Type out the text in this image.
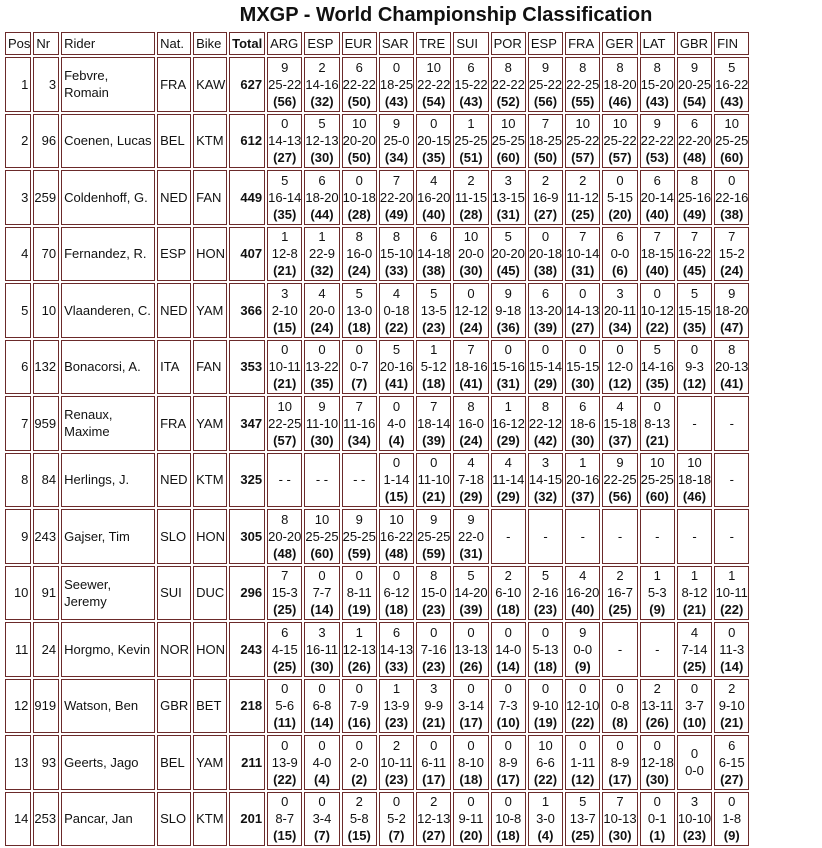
MXGP - World Championship Classification
Pos	Nr	Rider	Nat.	Bike	Total	ARG	ESP	EUR	SAR	TRE	SUI	POR	ESP	FRA	GER	LAT	GBR	FIN
1	3	Febvre, Romain	FRA	KAW	627	9
25-22
(56)	2
14-16
(32)	6
22-22
(50)	0
18-25
(43)	10
22-22
(54)	6
15-22
(43)	8
22-22
(52)	9
25-22
(56)	8
22-25
(55)	8
18-20
(46)	8
15-20
(43)	9
20-25
(54)	5
16-22
(43)

2	96	Coenen, Lucas	BEL	KTM	612	0
14-13
(27)	5
12-13
(30)	10
20-20
(50)	9
25-0
(34)	0
20-15
(35)	1
25-25
(51)	10
25-25
(60)	7
18-25
(50)	10
25-22
(57)	10
25-22
(57)	9
22-22
(53)	6
22-20
(48)	10
25-25
(60)

3	259	Coldenhoff, G.	NED	FAN	449	5
16-14
(35)	6
18-20
(44)	0
10-18
(28)	7
22-20
(49)	4
16-20
(40)	2
11-15
(28)	3
13-15
(31)	2
16-9
(27)	2
11-12
(25)	0
5-15
(20)	6
20-14
(40)	8
25-16
(49)	0
22-16
(38)

4	70	Fernandez, R.	ESP	HON	407	1
12-8
(21)	1
22-9
(32)	8
16-0
(24)	8
15-10
(33)	6
14-18
(38)	10
20-0
(30)	5
20-20
(45)	0
20-18
(38)	7
10-14
(31)	6
0-0
(6)	7
18-15
(40)	7
16-22
(45)	7
15-2
(24)

5	10	Vlaanderen, C.	NED	YAM	366	3
2-10
(15)	4
20-0
(24)	5
13-0
(18)	4
0-18
(22)	5
13-5
(23)	0
12-12
(24)	9
9-18
(36)	6
13-20
(39)	0
14-13
(27)	3
20-11
(34)	0
10-12
(22)	5
15-15
(35)	9
18-20
(47)

6	132	Bonacorsi, A.	ITA	FAN	353	0
10-11
(21)	0
13-22
(35)	0
0-7
(7)	5
20-16
(41)	1
5-12
(18)	7
18-16
(41)	0
15-16
(31)	0
15-14
(29)	0
15-15
(30)	0
12-0
(12)	5
14-16
(35)	0
9-3
(12)	8
20-13
(41)

7	959	Renaux, Maxime	FRA	YAM	347	10
22-25
(57)	9
11-10
(30)	7
11-16
(34)	0
4-0
(4)	7
18-14
(39)	8
16-0
(24)	1
16-12
(29)	8
22-12
(42)	6
18-6
(30)	4
15-18
(37)	0
8-13
(21)	-	-
8	84	Herlings, J.	NED	KTM	325	- -	- -	- -	0
1-14
(15)	0
11-10
(21)	4
7-18
(29)	4
11-14
(29)	3
14-15
(32)	1
20-16
(37)	9
22-25
(56)	10
25-25
(60)	10
18-18
(46)	-
9	243	Gajser, Tim	SLO	HON	305	8
20-20
(48)	10
25-25
(60)	9
25-25
(59)	10
16-22
(48)	9
25-25
(59)	9
22-0
(31)	-	-	-	-	-	-	-
10	91	Seewer, Jeremy	SUI	DUC	296	7
15-3
(25)	0
7-7
(14)	0
8-11
(19)	0
6-12
(18)	8
15-0
(23)	5
14-20
(39)	2
6-10
(18)	5
2-16
(23)	4
16-20
(40)	2
16-7
(25)	1
5-3
(9)	1
8-12
(21)	1
10-11
(22)

11	24	Horgmo, Kevin	NOR	HON	243	6
4-15
(25)	3
16-11
(30)	1
12-13
(26)	6
14-13
(33)	0
7-16
(23)	0
13-13
(26)	0
14-0
(14)	0
5-13
(18)	9
0-0
(9)	-	-	4
7-14
(25)	0
11-3
(14)

12	919	Watson, Ben	GBR	BET	218	0
5-6
(11)	0
6-8
(14)	0
7-9
(16)	1
13-9
(23)	3
9-9
(21)	0
3-14
(17)	0
7-3
(10)	0
9-10
(19)	0
12-10
(22)	0
0-8
(8)	2
13-11
(26)	0
3-7
(10)	2
9-10
(21)

13	93	Geerts, Jago	BEL	YAM	211	0
13-9
(22)	0
4-0
(4)	0
2-0
(2)	2
10-11
(23)	0
6-11
(17)	0
8-10
(18)	0
8-9
(17)	10
6-6
(22)	0
1-11
(12)	0
8-9
(17)	0
12-18
(30)	0
0-0	6
6-15
(27)

14	253	Pancar, Jan	SLO	KTM	201	0
8-7
(15)	0
3-4
(7)	2
5-8
(15)	0
5-2
(7)	2
12-13
(27)	0
9-11
(20)	0
10-8
(18)	1
3-0
(4)	5
13-7
(25)	7
10-13
(30)	0
0-1
(1)	3
10-10
(23)	0
1-8
(9)
